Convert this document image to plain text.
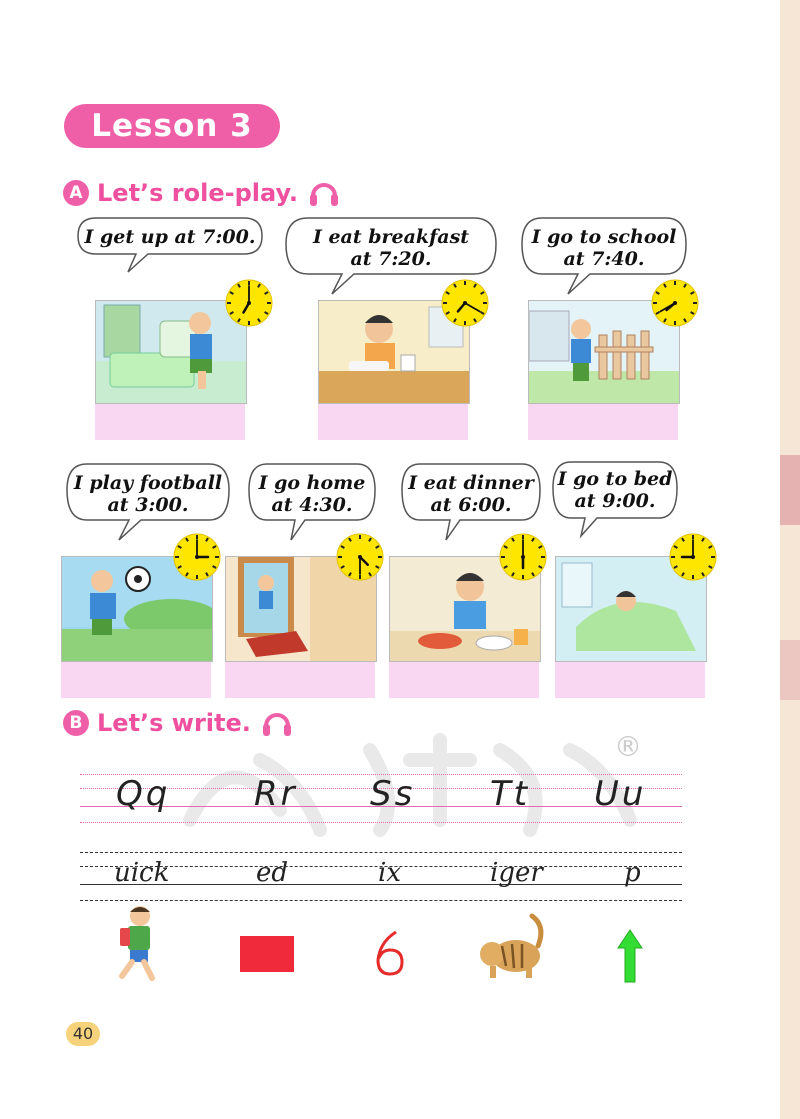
Lesson 3
A Let’s role-play.
I get up at 7:00.	I eat breakfast
at 7:20.
I go to school
at 7:40.
I play football
at 3:00.
I go home
at 4:30.
I eat dinner
at 6:00.
I go to bed
at 9:00.
B Let’s write.
®
Qq Rr Ss Tt Uu
uick	ed	ix	iger	p
40
